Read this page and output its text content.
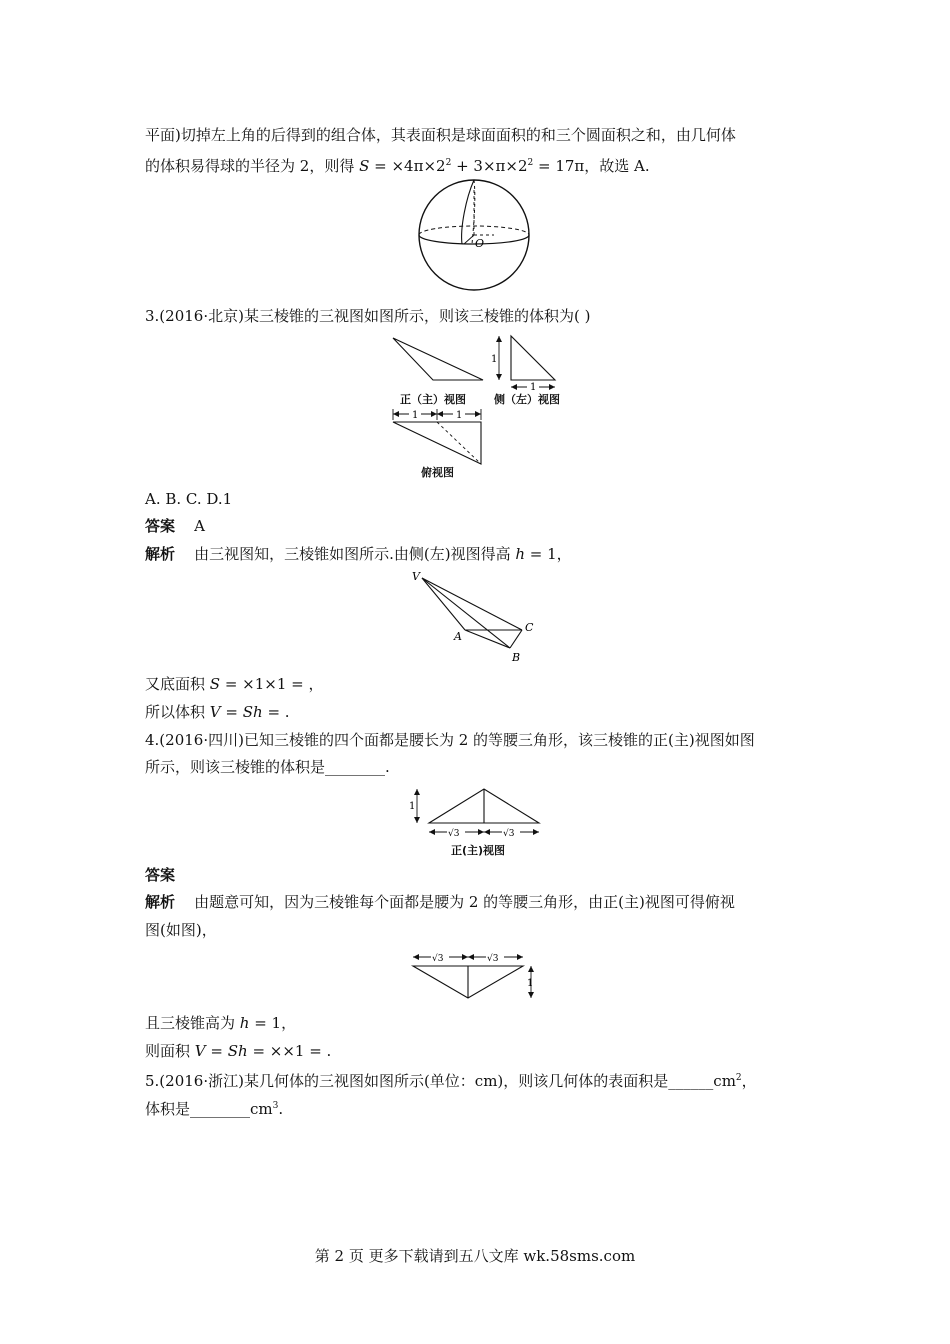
平面)切掉左上角的后得到的组合体，其表面积是球面面积的和三个圆面积之和，由几何体
的体积易得球的半径为 2，则得 $S = \times 4\pi\times 2^2 + 3\times\pi\times 2^2 = 17\pi$，故选 A.
O
3.(2016·北京)某三棱锥的三视图如图所示，则该三棱锥的体积为( )
1
1
1	1
正（主）视图	侧（左）视图
俯视图
A. B. C. D.1
答案 A
解析 由三视图知，三棱锥如图所示.由侧(左)视图得高 h = 1，
V
A
B
C
又底面积 S = ×1×1 = ，
所以体积 V = Sh = .
4.(2016·四川)已知三棱锥的四个面都是腰长为 2 的等腰三角形，该三棱锥的正(主)视图如图
所示，则该三棱锥的体积是________.
1
√3	√3
正(主)视图
答案
解析 由题意可知，因为三棱锥每个面都是腰为 2 的等腰三角形，由正(主)视图可得俯视
图(如图)，
√3	√3
1
且三棱锥高为 h = 1，
则面积 V = Sh = ××1 = .
5.(2016·浙江)某几何体的三视图如图所示(单位：cm)，则该几何体的表面积是$\_\_\_\_\_\_cm^2$，
体积是$\_\_\_\_\_\_\_\_cm^3$.
第 2 页 更多下载请到五八文库 wk.58sms.com
